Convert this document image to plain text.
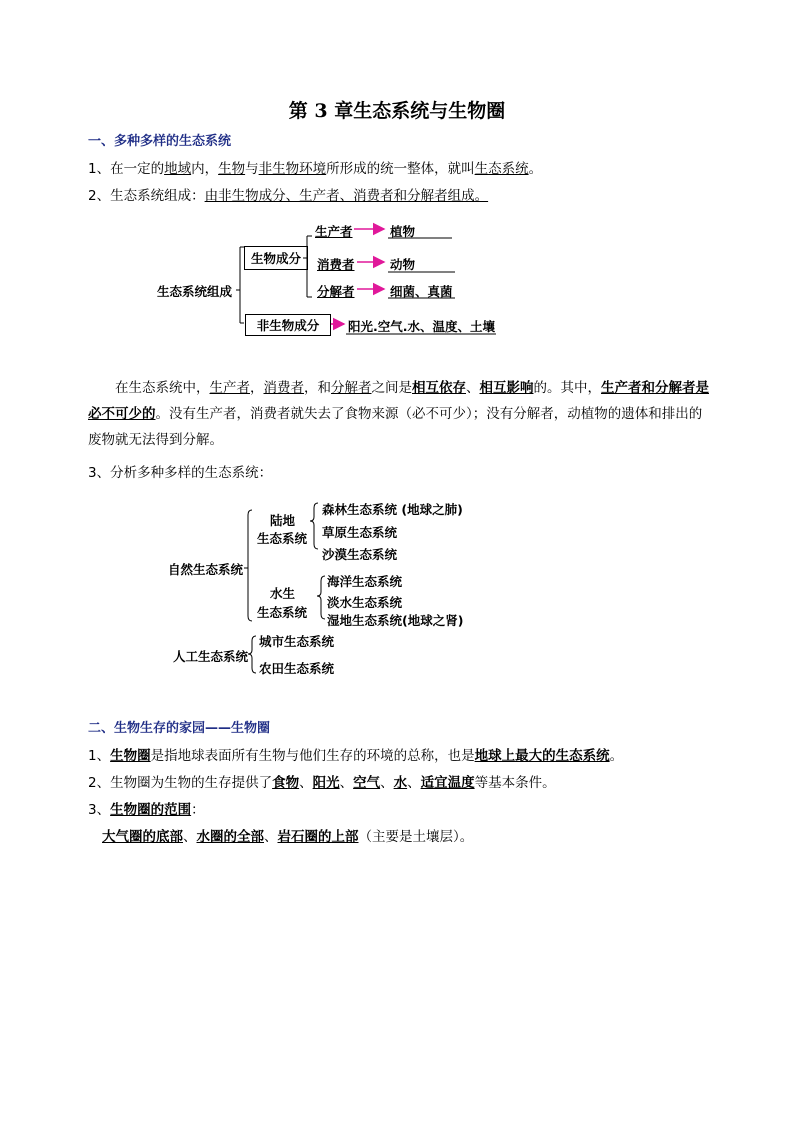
第 3 章生态系统与生物圈
一、多种多样的生态系统
1、在一定的地域内，生物与非生物环境所形成的统一整体，就叫生态系统。
2、生态系统组成：由非生物成分、生产者、消费者和分解者组成。
生态系统组成
生物成分
非生物成分
生产者	植物
消费者	动物
分解者	细菌、真菌
阳光.空气.水、温度、土壤
在生态系统中，生产者，消费者，和分解者之间是相互依存、相互影响的。其中，生产者和分解者是必不可少的。没有生产者，消费者就失去了食物来源（必不可少）；没有分解者，动植物的遗体和排出的废物就无法得到分解。
3、分析多种多样的生态系统：
自然生态系统
陆地
生态系统
森林生态系统 (地球之肺)
草原生态系统
沙漠生态系统
水生
生态系统
海洋生态系统
淡水生态系统
湿地生态系统(地球之肾)
人工生态系统
城市生态系统
农田生态系统
二、生物生存的家园——生物圈
1、生物圈是指地球表面所有生物与他们生存的环境的总称，也是地球上最大的生态系统。
2、生物圈为生物的生存提供了食物、阳光、空气、水、适宜温度等基本条件。
3、生物圈的范围：
大气圈的底部、水圈的全部、岩石圈的上部（主要是土壤层）。
